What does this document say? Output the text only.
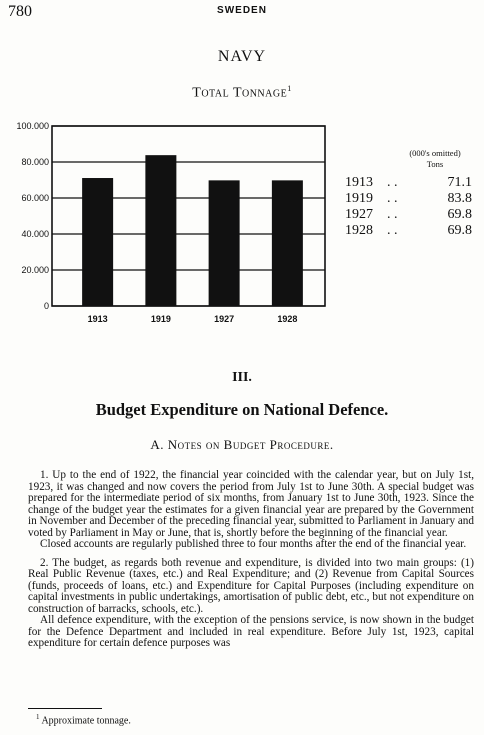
780	SWEDEN
NAVY
Total Tonnage$^1$
0
20.000
40.000
60.000
80.000
100.000
1913	1919	1927	1928
(000's omitted)
Tons
1913	. .	71.1
1919	. .	83.8
1927	. .	69.8
1928	. .	69.8
III.
Budget Expenditure on National Defence.
A. Notes on Budget Procedure.

1. Up to the end of 1922, the financial year coincided with the calendar year, but on July 1st, 1923, it was changed and now covers the period from July 1st to June 30th. A special budget was prepared for the intermediate period of six months, from January 1st to June 30th, 1923. Since the change of the budget year the estimates for a given financial year are prepared by the Government in November and December of the preceding financial year, submitted to Parliament in January and voted by Parliament in May or June, that is, shortly before the beginning of the financial year.

Closed accounts are regularly published three to four months after the end of the financial year.

2. The budget, as regards both revenue and expenditure, is divided into two main groups: (1) Real Public Revenue (taxes, etc.) and Real Expenditure; and (2) Revenue from Capital Sources (funds, proceeds of loans, etc.) and Expenditure for Capital Purposes (including expenditure on capital investments in public undertakings, amortisation of public debt, etc., but not expenditure on construction of barracks, schools, etc.).

All defence expenditure, with the exception of the pensions service, is now shown in the budget for the Defence Department and included in real expenditure. Before July 1st, 1923, capital expenditure for certain defence purposes was

$^1$ Approximate tonnage.
